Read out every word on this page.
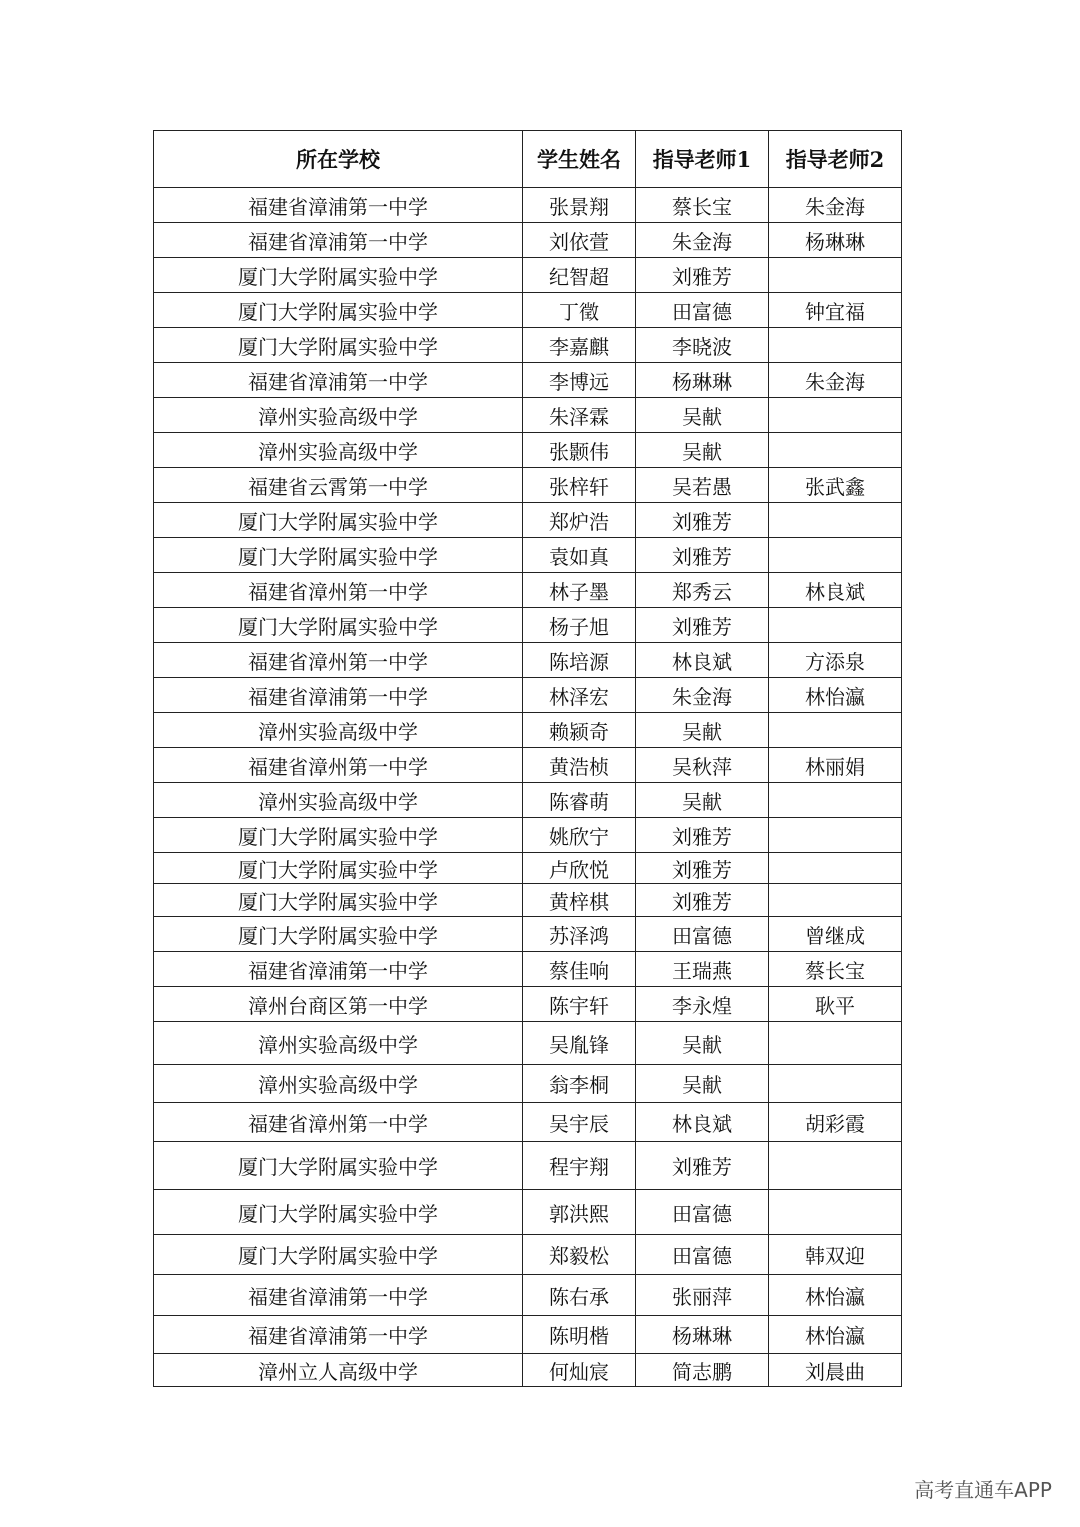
所在学校	学生姓名	指导老师1	指导老师2
福建省漳浦第一中学	张景翔	蔡长宝	朱金海
福建省漳浦第一中学	刘依萱	朱金海	杨琳琳
厦门大学附属实验中学	纪智超	刘雅芳	
厦门大学附属实验中学	丁徵	田富德	钟宜福
厦门大学附属实验中学	李嘉麒	李晓波	
福建省漳浦第一中学	李博远	杨琳琳	朱金海
漳州实验高级中学	朱泽霖	吴献	
漳州实验高级中学	张颢伟	吴献	
福建省云霄第一中学	张梓轩	吴若愚	张武鑫
厦门大学附属实验中学	郑炉浩	刘雅芳	
厦门大学附属实验中学	袁如真	刘雅芳	
福建省漳州第一中学	林子墨	郑秀云	林良斌
厦门大学附属实验中学	杨子旭	刘雅芳	
福建省漳州第一中学	陈培源	林良斌	方添泉
福建省漳浦第一中学	林泽宏	朱金海	林怡瀛
漳州实验高级中学	赖颍奇	吴献	
福建省漳州第一中学	黄浩桢	吴秋萍	林丽娟
漳州实验高级中学	陈睿萌	吴献	
厦门大学附属实验中学	姚欣宁	刘雅芳	
厦门大学附属实验中学	卢欣悦	刘雅芳	
厦门大学附属实验中学	黄梓棋	刘雅芳	
厦门大学附属实验中学	苏泽鸿	田富德	曾继成
福建省漳浦第一中学	蔡佳响	王瑞燕	蔡长宝
漳州台商区第一中学	陈宇轩	李永煌	耿平
漳州实验高级中学	吴胤锋	吴献	
漳州实验高级中学	翁李桐	吴献	
福建省漳州第一中学	吴宇辰	林良斌	胡彩霞
厦门大学附属实验中学	程宇翔	刘雅芳	
厦门大学附属实验中学	郭洪熙	田富德	
厦门大学附属实验中学	郑毅松	田富德	韩双迎
福建省漳浦第一中学	陈右承	张丽萍	林怡瀛
福建省漳浦第一中学	陈明楷	杨琳琳	林怡瀛
漳州立人高级中学	何灿宸	简志鹏	刘晨曲
高考直通车APP
